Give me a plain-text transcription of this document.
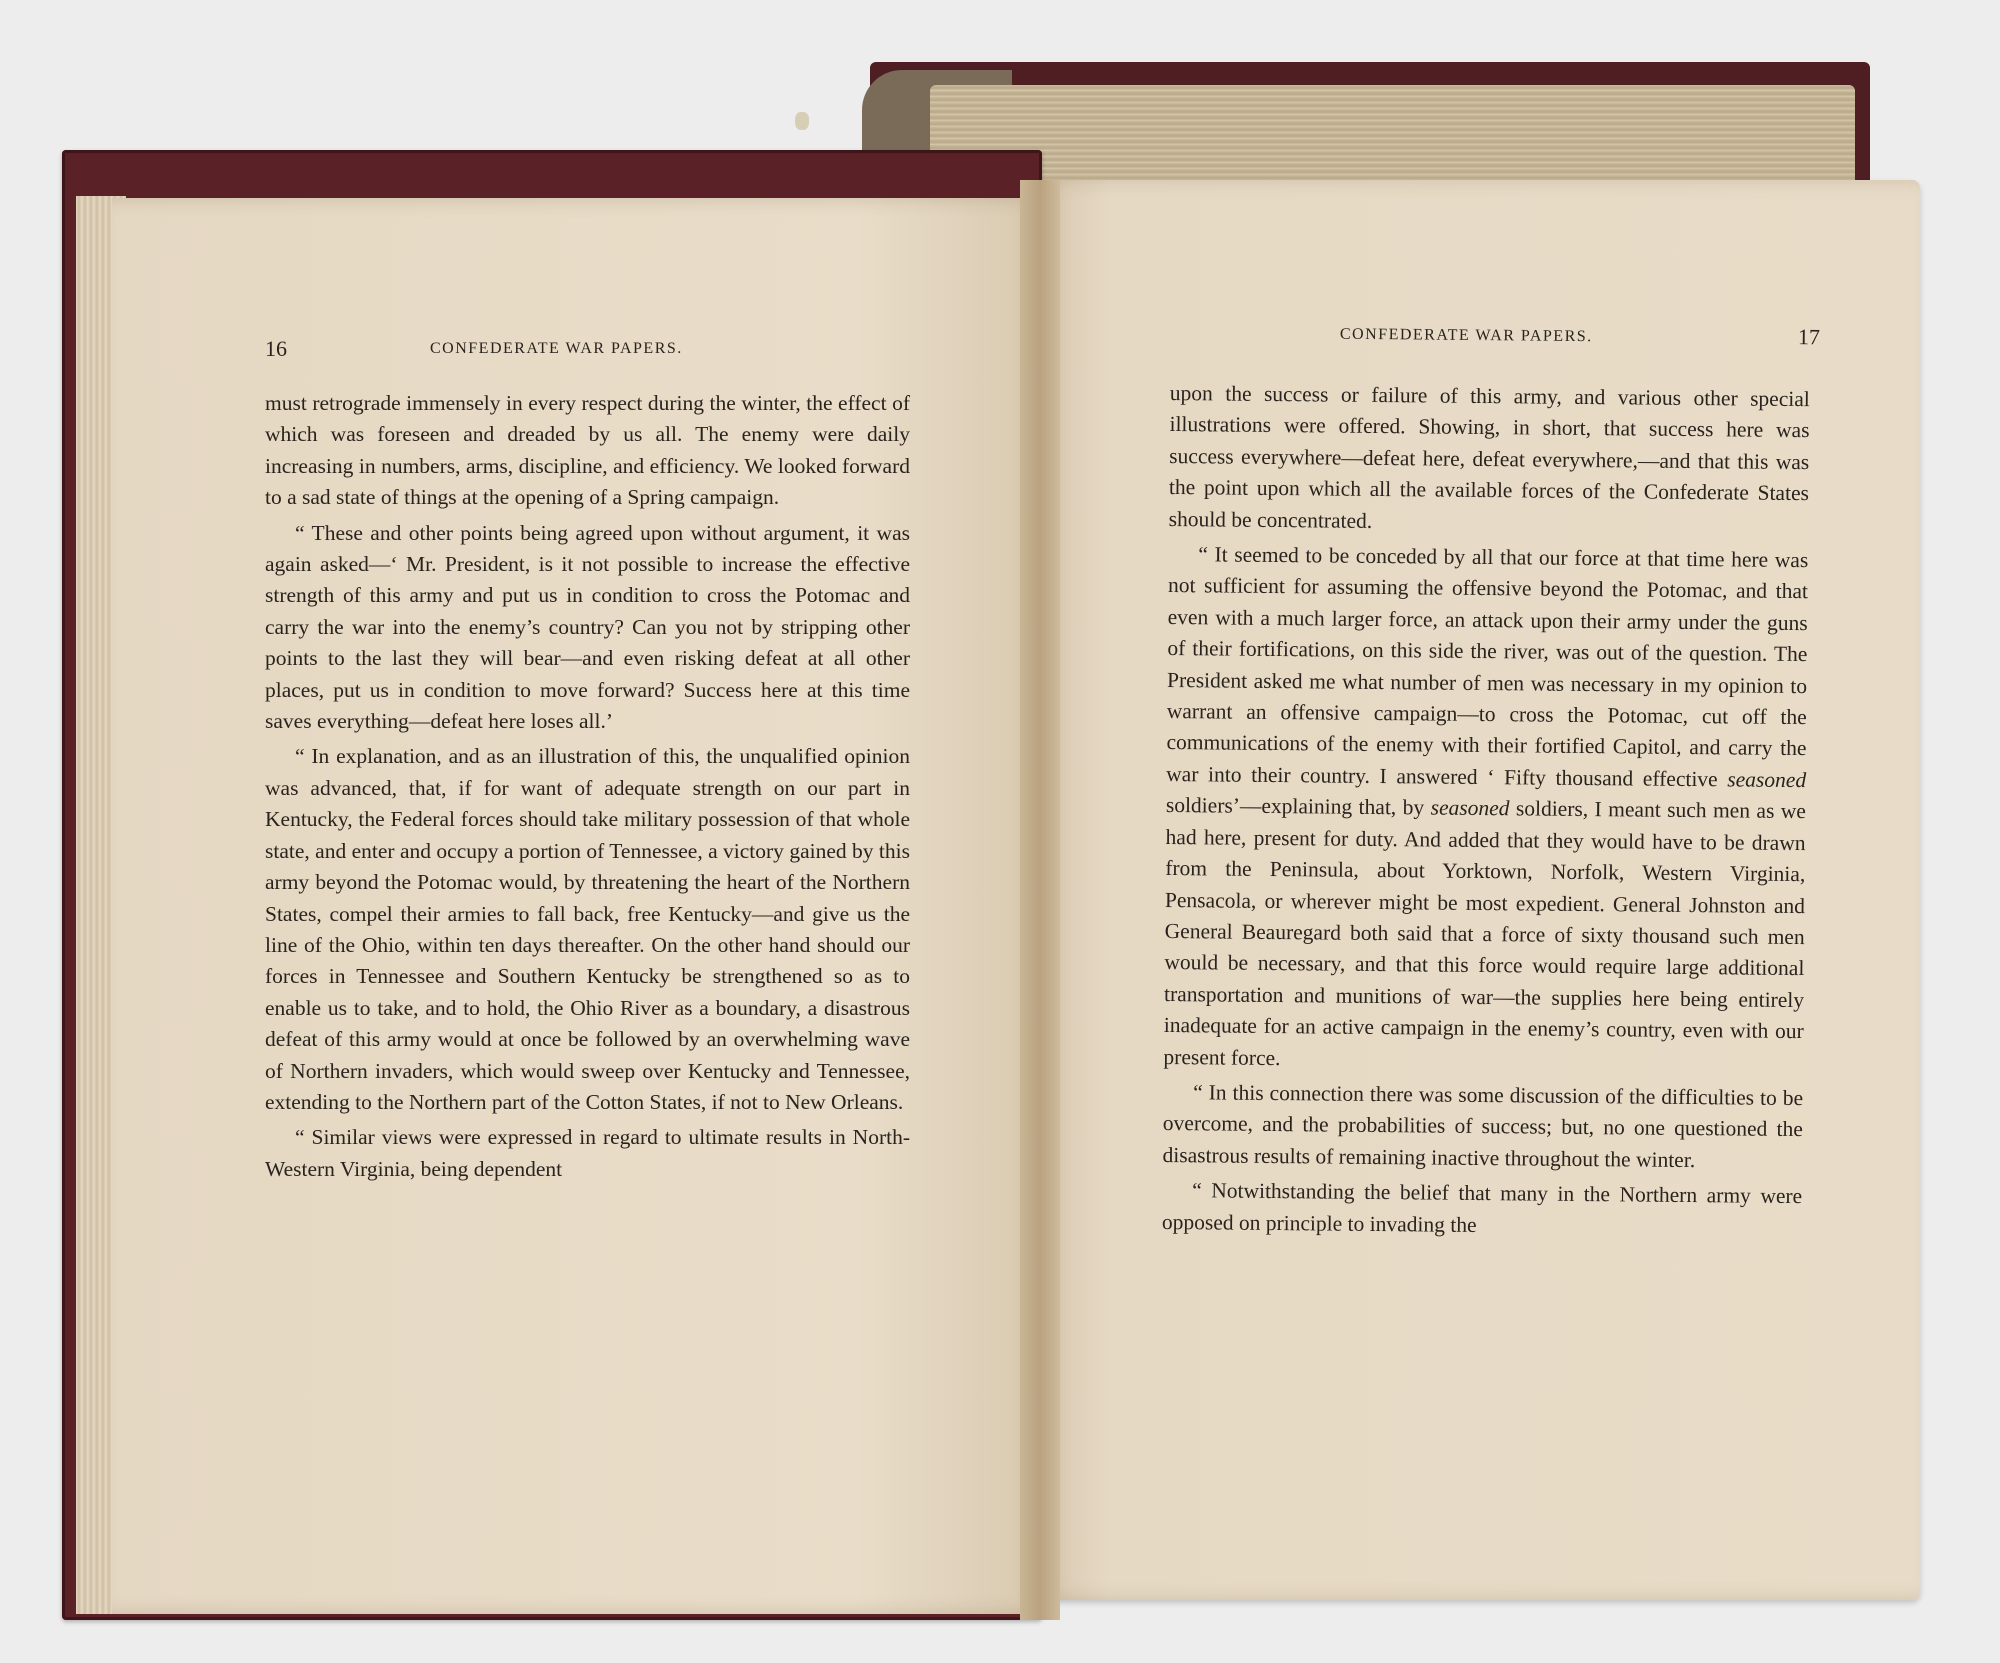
16	CONFEDERATE WAR PAPERS.

must retrograde immensely in every respect during the winter, the effect of which was foreseen and dreaded by us all. The enemy were daily increasing in numbers, arms, discipline, and efficiency. We looked forward to a sad state of things at the opening of a Spring campaign.

“ These and other points being agreed upon without argument, it was again asked—‘ Mr. President, is it not possible to increase the effective strength of this army and put us in condition to cross the Potomac and carry the war into the enemy’s country? Can you not by stripping other points to the last they will bear—and even risking defeat at all other places, put us in condition to move forward? Success here at this time saves everything—defeat here loses all.’

“ In explanation, and as an illustration of this, the unqualified opinion was advanced, that, if for want of adequate strength on our part in Kentucky, the Federal forces should take military possession of that whole state, and enter and occupy a portion of Tennessee, a victory gained by this army beyond the Potomac would, by threatening the heart of the Northern States, compel their armies to fall back, free Kentucky—and give us the line of the Ohio, within ten days thereafter. On the other hand should our forces in Tennessee and Southern Kentucky be strengthened so as to enable us to take, and to hold, the Ohio River as a boundary, a disastrous defeat of this army would at once be followed by an overwhelming wave of Northern invaders, which would sweep over Kentucky and Tennessee, extending to the Northern part of the Cotton States, if not to New Orleans.

“ Similar views were expressed in regard to ultimate results in North-Western Virginia, being dependent

CONFEDERATE WAR PAPERS.	17

upon the success or failure of this army, and various other special illustrations were offered. Showing, in short, that success here was success everywhere—defeat here, defeat everywhere,—and that this was the point upon which all the available forces of the Confederate States should be concentrated.

“ It seemed to be conceded by all that our force at that time here was not sufficient for assuming the offensive beyond the Potomac, and that even with a much larger force, an attack upon their army under the guns of their fortifications, on this side the river, was out of the question. The President asked me what number of men was necessary in my opinion to warrant an offensive campaign—to cross the Potomac, cut off the communications of the enemy with their fortified Capitol, and carry the war into their country. I answered ‘ Fifty thousand effective seasoned soldiers’—explaining that, by seasoned soldiers, I meant such men as we had here, present for duty. And added that they would have to be drawn from the Peninsula, about Yorktown, Norfolk, Western Virginia, Pensacola, or wherever might be most expedient. General Johnston and General Beauregard both said that a force of sixty thousand such men would be necessary, and that this force would require large additional transportation and munitions of war—the supplies here being entirely inadequate for an active campaign in the enemy’s country, even with our present force.

“ In this connection there was some discussion of the difficulties to be overcome, and the probabilities of success; but, no one questioned the disastrous results of remaining inactive throughout the winter.

“ Notwithstanding the belief that many in the Northern army were opposed on principle to invading the
